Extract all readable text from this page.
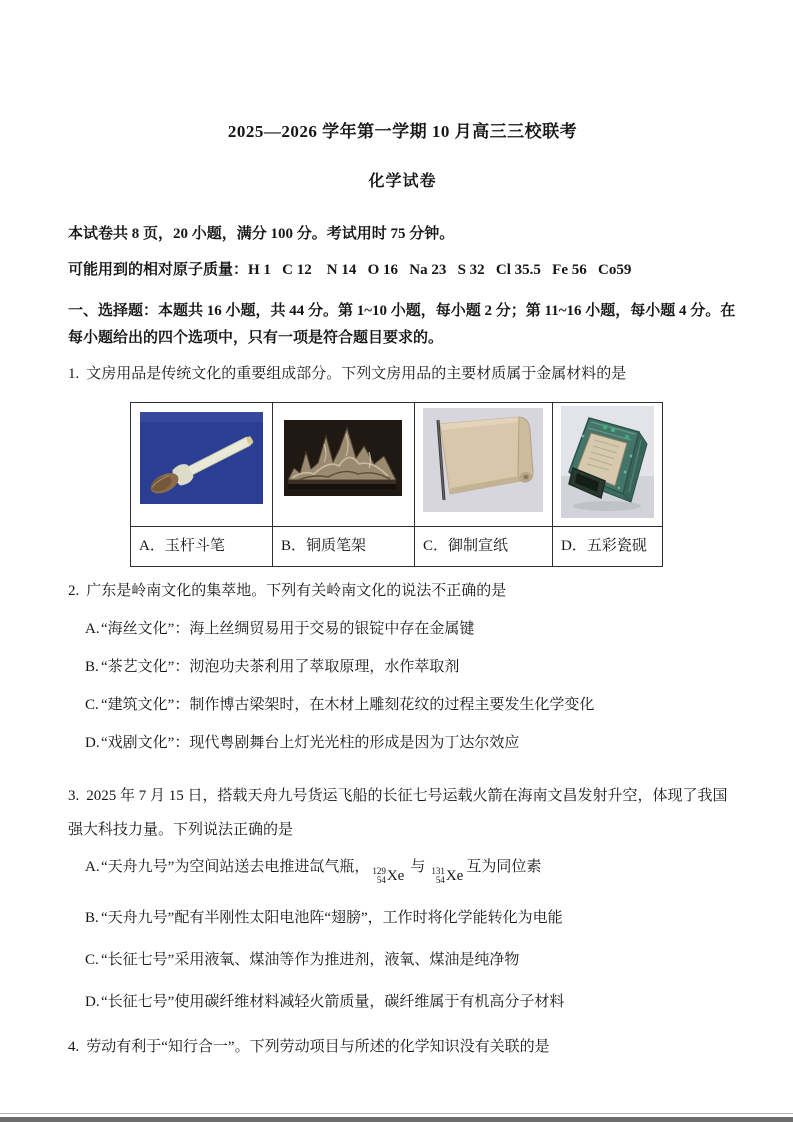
2025—2026 学年第一学期 10 月高三三校联考
化学试卷
本试卷共 8 页，20 小题，满分 100 分。考试用时 75 分钟。
可能用到的相对原子质量：H 1   C 12    N 14   O 16   Na 23   S 32   Cl 35.5   Fe 56   Co59
一、选择题：本题共 16 小题，共 44 分。第 1~10 小题，每小题 2 分；第 11~16 小题，每小题 4 分。在每小题给出的四个选项中，只有一项是符合题目要求的。
1. 文房用品是传统文化的重要组成部分。下列文房用品的主要材质属于金属材料的是

A．玉杆斗笔	B．铜质笔架	C．御制宣纸	D．五彩瓷砚
2. 广东是岭南文化的集萃地。下列有关岭南文化的说法不正确的是
A. “海丝文化”：海上丝绸贸易用于交易的银锭中存在金属键
B. “茶艺文化”：沏泡功夫茶利用了萃取原理，水作萃取剂
C. “建筑文化”：制作博古梁架时，在木材上雕刻花纹的过程主要发生化学变化
D. “戏剧文化”：现代粤剧舞台上灯光光柱的形成是因为丁达尔效应
3. 2025 年 7 月 15 日，搭载天舟九号货运飞船的长征七号运载火箭在海南文昌发射升空，体现了我国强大科技力量。下列说法正确的是
A. “天舟九号”为空间站送去电推进氙气瓶， 129
54 Xe
与 131
54 Xe
互为同位素
B. “天舟九号”配有半刚性太阳电池阵“翅膀”，工作时将化学能转化为电能
C. “长征七号”采用液氧、煤油等作为推进剂，液氧、煤油是纯净物
D. “长征七号”使用碳纤维材料减轻火箭质量，碳纤维属于有机高分子材料
4. 劳动有利于“知行合一”。下列劳动项目与所述的化学知识没有关联的是
